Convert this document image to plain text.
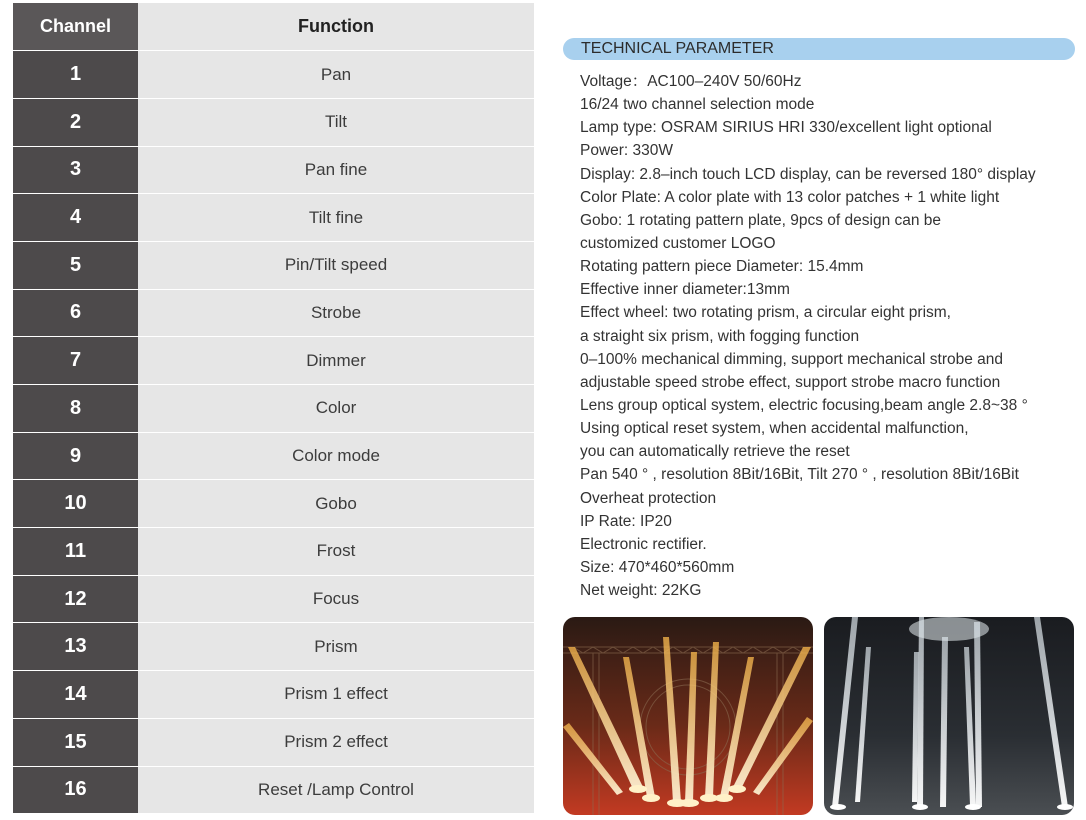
Channel	Function
1	Pan
2	Tilt
3	Pan fine
4	Tilt fine
5	Pin/Tilt speed
6	Strobe
7	Dimmer
8	Color
9	Color mode
10	Gobo
11	Frost
12	Focus
13	Prism
14	Prism 1 effect
15	Prism 2 effect
16	Reset /Lamp Control
TECHNICAL PARAMETER
Voltage：AC100–240V 50/60Hz
16/24 two channel selection mode
Lamp type: OSRAM SIRIUS HRI 330/excellent light optional
Power: 330W
Display: 2.8–inch touch LCD display, can be reversed 180° display
Color Plate: A color plate with 13 color patches + 1 white light
Gobo: 1 rotating pattern plate, 9pcs of design can be
customized customer LOGO
Rotating pattern piece Diameter: 15.4mm
Effective inner diameter:13mm
Effect wheel: two rotating prism, a circular eight prism,
a straight six prism, with fogging function
0–100% mechanical dimming, support mechanical strobe and
adjustable speed strobe effect, support strobe macro function
Lens group optical system, electric focusing,beam angle 2.8~38 °
Using optical reset system, when accidental malfunction,
you can automatically retrieve the reset
Pan 540 ° , resolution 8Bit/16Bit, Tilt 270 ° , resolution 8Bit/16Bit
Overheat protection
IP Rate: IP20
Electronic rectifier.
Size: 470*460*560mm
Net weight: 22KG
